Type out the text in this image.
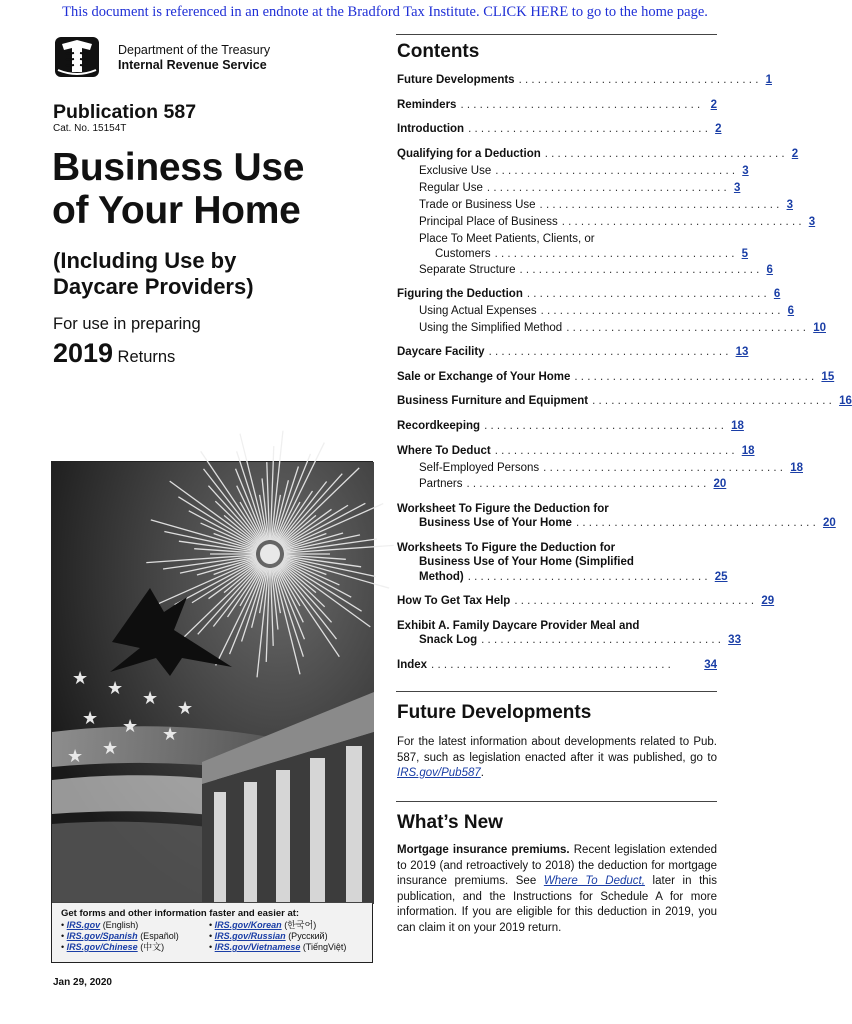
This document is referenced in an endnote at the Bradford Tax Institute. CLICK HERE to go to the home page.
Department of the Treasury
Internal Revenue Service
Publication 587
Cat. No. 15154T
Business Use
of Your Home
(Including Use by
Daycare Providers)
For use in preparing
2019 Returns
★ ★ ★ ★
★ ★ ★
★ ★
Get forms and other information faster and easier at:
• IRS.gov (English)
• IRS.gov/Spanish (Español)
• IRS.gov/Chinese (中文)
• IRS.gov/Korean (한국어)
• IRS.gov/Russian (Русский)
• IRS.gov/Vietnamese (TiếngViệt)
Jan 29, 2020
Contents
Future Developments ...................................... 1
Reminders ...................................... 2
Introduction ...................................... 2
Qualifying for a Deduction ...................................... 2
Exclusive Use ...................................... 3
Regular Use ...................................... 3
Trade or Business Use ...................................... 3
Principal Place of Business ...................................... 3
Place To Meet Patients, Clients, or
Customers ...................................... 5
Separate Structure ...................................... 6
Figuring the Deduction ...................................... 6
Using Actual Expenses ...................................... 6
Using the Simplified Method ...................................... 10
Daycare Facility ...................................... 13
Sale or Exchange of Your Home ...................................... 15
Business Furniture and Equipment ...................................... 16
Recordkeeping ...................................... 18
Where To Deduct ...................................... 18
Self-Employed Persons ...................................... 18
Partners ...................................... 20
Worksheet To Figure the Deduction for
Business Use of Your Home ...................................... 20
Worksheets To Figure the Deduction for
Business Use of Your Home (Simplified
Method) ...................................... 25
How To Get Tax Help ...................................... 29
Exhibit A. Family Daycare Provider Meal and
Snack Log ...................................... 33
Index ......................................	34
Future Developments
For the latest information about developments related to Pub. 587, such as legislation enacted after it was published, go to IRS.gov/Pub587.
What’s New
Mortgage insurance premiums. Recent legislation extended to 2019 (and retroactively to 2018) the deduction for mortgage insurance premiums. See Where To Deduct, later in this publication, and the Instructions for Schedule A for more information. If you are eligible for this deduction in 2019, you can claim it on your 2019 return.
